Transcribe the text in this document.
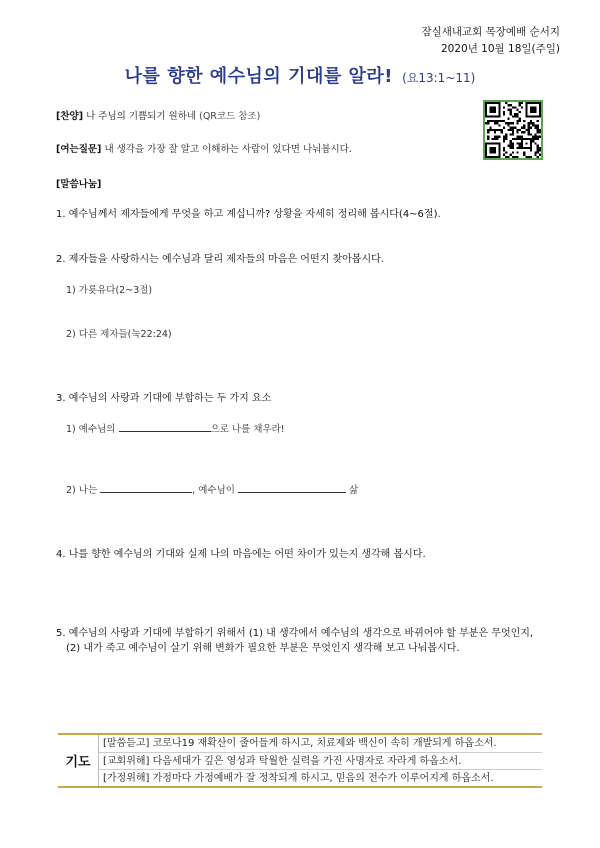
잠실새내교회 목장예배 순서지
2020년 10월 18일(주일)
나를 향한 예수님의 기대를 알라! (요13:1~11)
[찬양] 나 주님의 기쁨되기 원하네 (QR코드 참조)
[여는질문] 내 생각을 가장 잘 알고 이해하는 사람이 있다면 나눠봅시다.
[말씀나눔]
1. 예수님께서 제자들에게 무엇을 하고 계십니까? 상황을 자세히 정리해 봅시다(4~6절).
2. 제자들을 사랑하시는 예수님과 달리 제자들의 마음은 어떤지 찾아봅시다.
1) 가룟유다(2~3절)
2) 다른 제자들(눅22:24)
3. 예수님의 사랑과 기대에 부합하는 두 가지 요소
1) 예수님의	으로 나를 채우라!
2) 나는	, 예수님이	삶
4. 나를 향한 예수님의 기대와 실제 나의 마음에는 어떤 차이가 있는지 생각해 봅시다.
5. 예수님의 사랑과 기대에 부합하기 위해서 (1) 내 생각에서 예수님의 생각으로 바뀌어야 할 부분은 무엇인지,
(2) 내가 죽고 예수님이 살기 위해 변화가 필요한 부분은 무엇인지 생각해 보고 나눠봅시다.
기도
[말씀듣고] 코로나19 재확산이 줄어들게 하시고, 치료제와 백신이 속히 개발되게 하옵소서.
[교회위해] 다음세대가 깊은 영성과 탁월한 실력을 가진 사명자로 자라게 하옵소서.
[가정위해] 가정마다 가정예배가 잘 정착되게 하시고, 믿음의 전수가 이루어지게 하옵소서.
